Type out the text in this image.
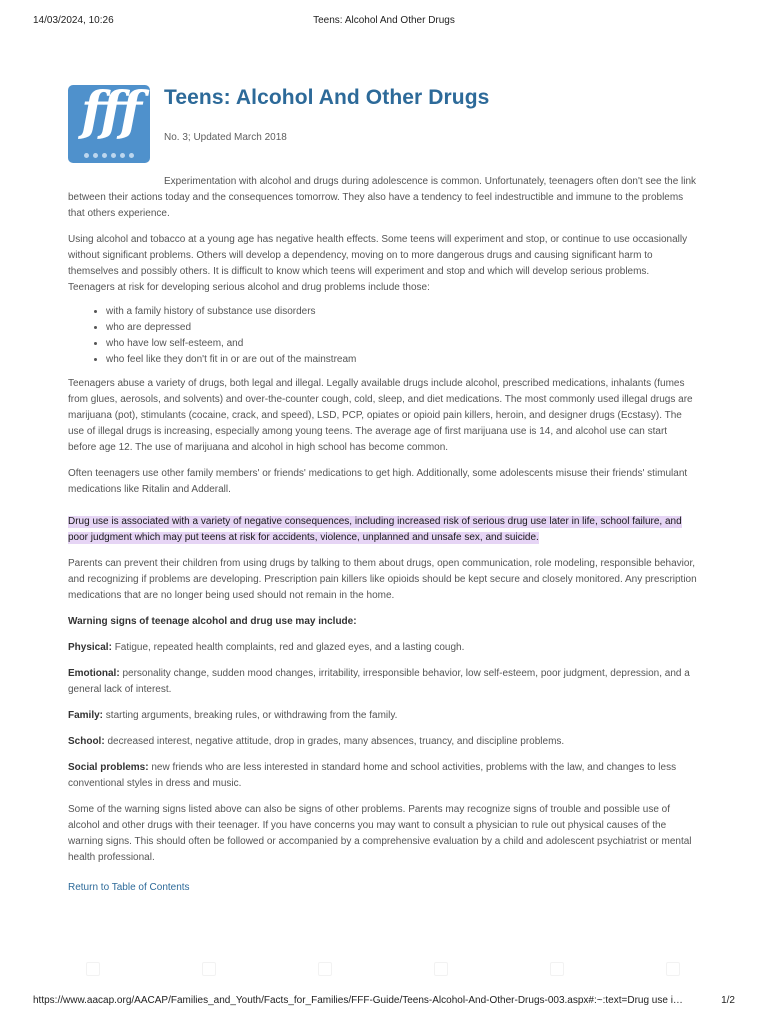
14/03/2024, 10:26	Teens: Alcohol And Other Drugs
fff	Teens: Alcohol And Other Drugs
No. 3; Updated March 2018

Experimentation with alcohol and drugs during adolescence is common. Unfortunately, teenagers often don't see the link between their actions today and the consequences tomorrow. They also have a tendency to feel indestructible and immune to the problems that others experience.

Using alcohol and tobacco at a young age has negative health effects. Some teens will experiment and stop, or continue to use occasionally without significant problems. Others will develop a dependency, moving on to more dangerous drugs and causing significant harm to themselves and possibly others. It is difficult to know which teens will experiment and stop and which will develop serious problems. Teenagers at risk for developing serious alcohol and drug problems include those:

• with a family history of substance use disorders
• who are depressed
• who have low self-esteem, and
• who feel like they don't fit in or are out of the mainstream

Teenagers abuse a variety of drugs, both legal and illegal. Legally available drugs include alcohol, prescribed medications, inhalants (fumes from glues, aerosols, and solvents) and over-the-counter cough, cold, sleep, and diet medications. The most commonly used illegal drugs are marijuana (pot), stimulants (cocaine, crack, and speed), LSD, PCP, opiates or opioid pain killers, heroin, and designer drugs (Ecstasy). The use of illegal drugs is increasing, especially among young teens. The average age of first marijuana use is 14, and alcohol use can start before age 12. The use of marijuana and alcohol in high school has become common.

Often teenagers use other family members' or friends' medications to get high. Additionally, some adolescents misuse their friends' stimulant medications like Ritalin and Adderall.

Drug use is associated with a variety of negative consequences, including increased risk of serious drug use later in life, school failure, and poor judgment which may put teens at risk for accidents, violence, unplanned and unsafe sex, and suicide.

Parents can prevent their children from using drugs by talking to them about drugs, open communication, role modeling, responsible behavior, and recognizing if problems are developing. Prescription pain killers like opioids should be kept secure and closely monitored. Any prescription medications that are no longer being used should not remain in the home.

Warning signs of teenage alcohol and drug use may include:

Physical: Fatigue, repeated health complaints, red and glazed eyes, and a lasting cough.

Emotional: personality change, sudden mood changes, irritability, irresponsible behavior, low self-esteem, poor judgment, depression, and a general lack of interest.

Family: starting arguments, breaking rules, or withdrawing from the family.

School: decreased interest, negative attitude, drop in grades, many absences, truancy, and discipline problems.

Social problems: new friends who are less interested in standard home and school activities, problems with the law, and changes to less conventional styles in dress and music.

Some of the warning signs listed above can also be signs of other problems. Parents may recognize signs of trouble and possible use of alcohol and other drugs with their teenager. If you have concerns you may want to consult a physician to rule out physical causes of the warning signs. This should often be followed or accompanied by a comprehensive evaluation by a child and adolescent psychiatrist or mental health professional.

Return to Table of Contents
https://www.aacap.org/AACAP/Families_and_Youth/Facts_for_Families/FFF-Guide/Teens-Alcohol-And-Other-Drugs-003.aspx#:~:text=Drug use i…	1/2
